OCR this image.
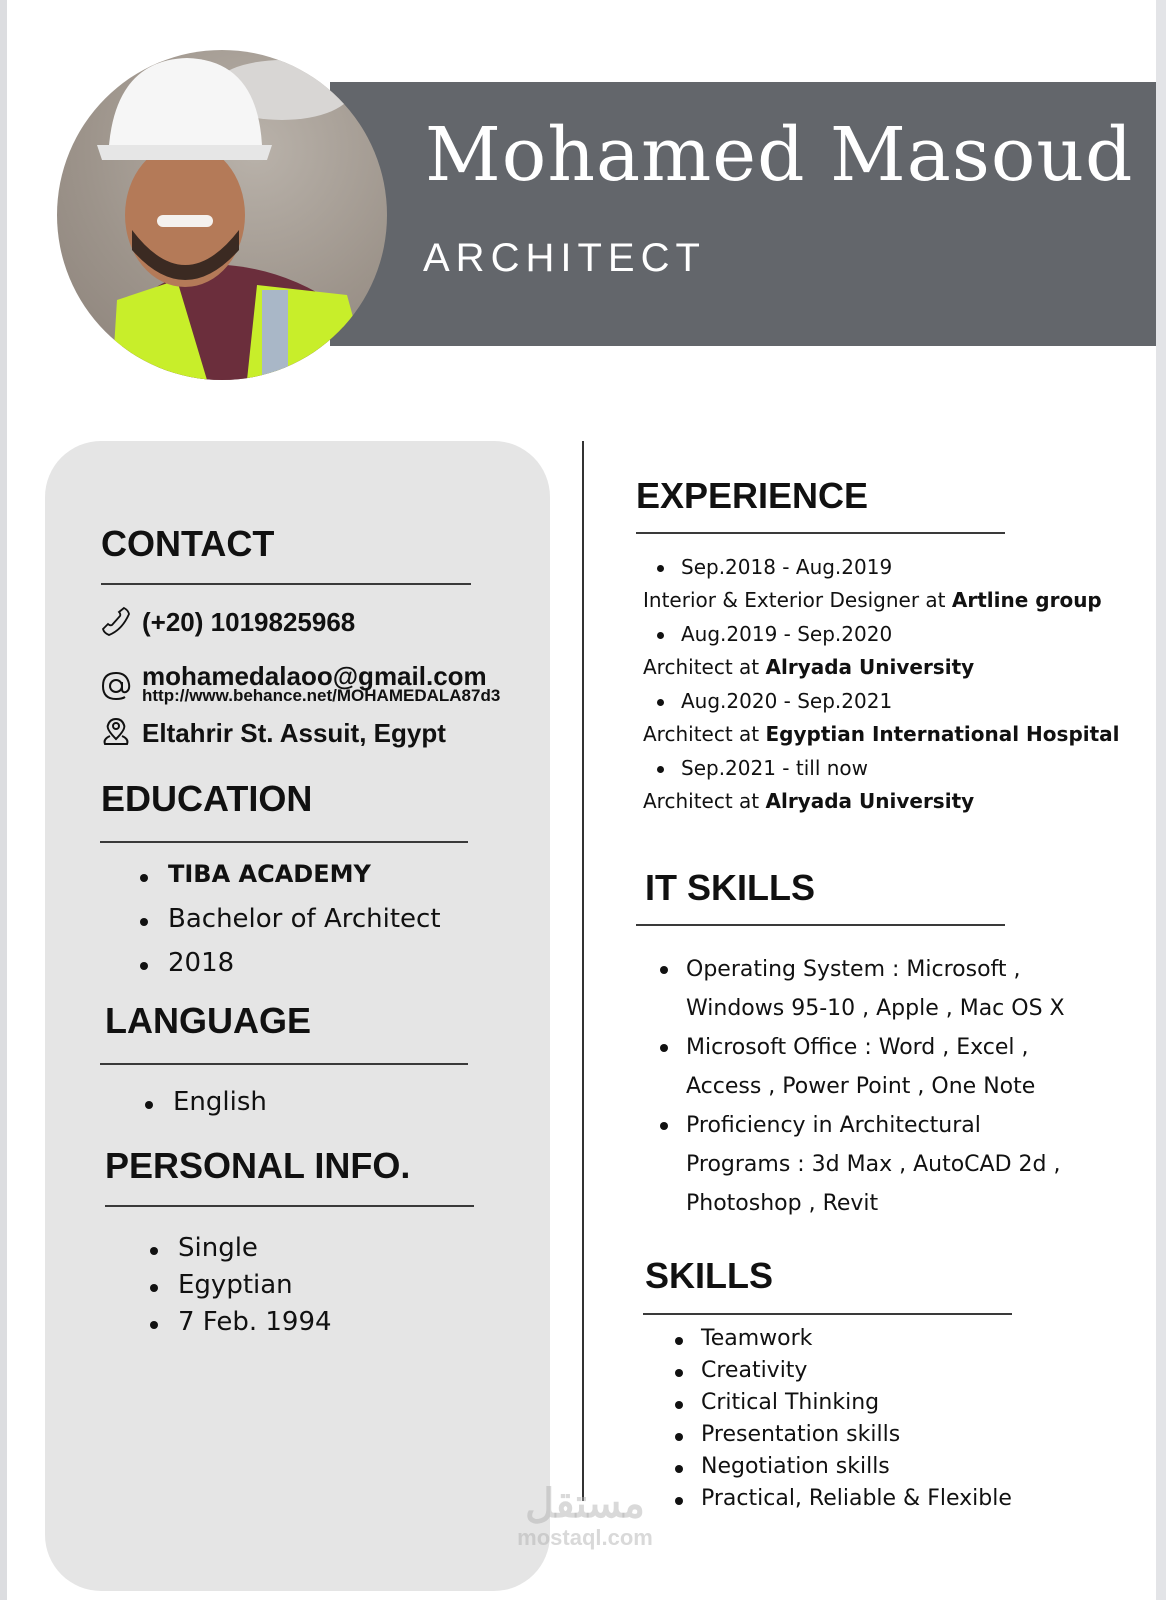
Mohamed Masoud
ARCHITECT
CONTACT
(+20) 1019825968
mohamedalaoo@gmail.com
http://www.behance.net/MOHAMEDALA87d3
Eltahrir St. Assuit, Egypt
EDUCATION
TIBA ACADEMY
Bachelor of Architect
2018
LANGUAGE
English
PERSONAL INFO.
Single
Egyptian
7 Feb. 1994
EXPERIENCE
Sep.2018 - Aug.2019
Interior & Exterior Designer at Artline group
Aug.2019 - Sep.2020
Architect at Alryada University
Aug.2020 - Sep.2021
Architect at Egyptian International Hospital
Sep.2021 - till now
Architect at Alryada University
IT SKILLS
Operating System : Microsoft , Windows 95-10 , Apple , Mac OS X
Microsoft Office : Word , Excel , Access , Power Point , One Note
Proficiency in Architectural Programs : 3d Max , AutoCAD 2d , Photoshop , Revit
SKILLS
Teamwork
Creativity
Critical Thinking
Presentation skills
Negotiation skills
Practical, Reliable & Flexible
مستقل
mostaql.com
